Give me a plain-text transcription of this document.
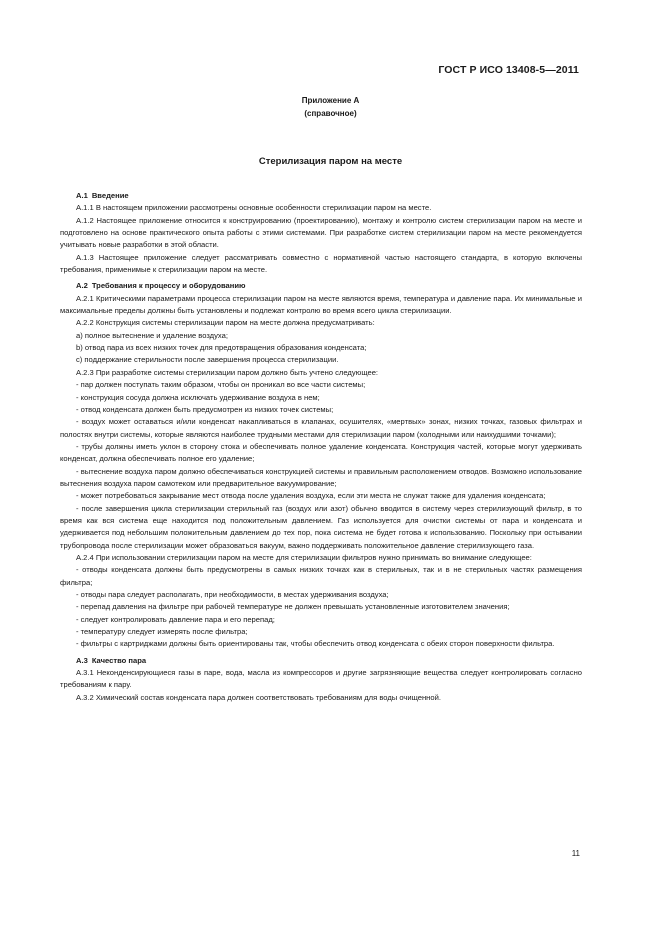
ГОСТ Р ИСО 13408-5—2011
Приложение А
(справочное)
Стерилизация паром на месте
А.1 Введение

А.1.1 В настоящем приложении рассмотрены основные особенности стерилизации паром на месте.

А.1.2 Настоящее приложение относится к конструированию (проектированию), монтажу и контролю систем стерилизации паром на месте и подготовлено на основе практического опыта работы с этими системами. При разработке систем стерилизации паром на месте рекомендуется учитывать новые разработки в этой области.

А.1.3 Настоящее приложение следует рассматривать совместно с нормативной частью настоящего стандарта, в которую включены требования, применимые к стерилизации паром на месте.

А.2 Требования к процессу и оборудованию

А.2.1 Критическими параметрами процесса стерилизации паром на месте являются время, температура и давление пара. Их минимальные и максимальные пределы должны быть установлены и подлежат контролю во время всего цикла стерилизации.

А.2.2 Конструкция системы стерилизации паром на месте должна предусматривать:

а) полное вытеснение и удаление воздуха;

b) отвод пара из всех низких точек для предотвращения образования конденсата;

с) поддержание стерильности после завершения процесса стерилизации.

А.2.3 При разработке системы стерилизации паром должно быть учтено следующее:

- пар должен поступать таким образом, чтобы он проникал во все части системы;

- конструкция сосуда должна исключать удерживание воздуха в нем;

- отвод конденсата должен быть предусмотрен из низких точек системы;

- воздух может оставаться и/или конденсат накапливаться в клапанах, осушителях, «мертвых» зонах, низких точках, газовых фильтрах и полостях внутри системы, которые являются наиболее трудными местами для стерилизации паром (холодными или наихудшими точками);

- трубы должны иметь уклон в сторону стока и обеспечивать полное удаление конденсата. Конструкция частей, которые могут удерживать конденсат, должна обеспечивать полное его удаление;

- вытеснение воздуха паром должно обеспечиваться конструкцией системы и правильным расположением отводов. Возможно использование вытеснения воздуха паром самотеком или предварительное вакуумирование;

- может потребоваться закрывание мест отвода после удаления воздуха, если эти места не служат также для удаления конденсата;

- после завершения цикла стерилизации стерильный газ (воздух или азот) обычно вводится в систему через стерилизующий фильтр, в то время как вся система еще находится под положительным давлением. Газ используется для очистки системы от пара и конденсата и удерживается под небольшим положительным давлением до тех пор, пока система не будет готова к использованию. Поскольку при остывании трубопровода после стерилизации может образоваться вакуум, важно поддерживать положительное давление стерилизующего газа.

А.2.4 При использовании стерилизации паром на месте для стерилизации фильтров нужно принимать во внимание следующее:

- отводы конденсата должны быть предусмотрены в самых низких точках как в стерильных, так и в не стерильных частях размещения фильтра;

- отводы пара следует располагать, при необходимости, в местах удерживания воздуха;

- перепад давления на фильтре при рабочей температуре не должен превышать установленные изготовителем значения;

- следует контролировать давление пара и его перепад;

- температуру следует измерять после фильтра;

- фильтры с картриджами должны быть ориентированы так, чтобы обеспечить отвод конденсата с обеих сторон поверхности фильтра.

А.3 Качество пара

А.3.1 Неконденсирующиеся газы в паре, вода, масла из компрессоров и другие загрязняющие вещества следует контролировать согласно требованиям к пару.

А.3.2 Химический состав конденсата пара должен соответствовать требованиям для воды очищенной.

11
